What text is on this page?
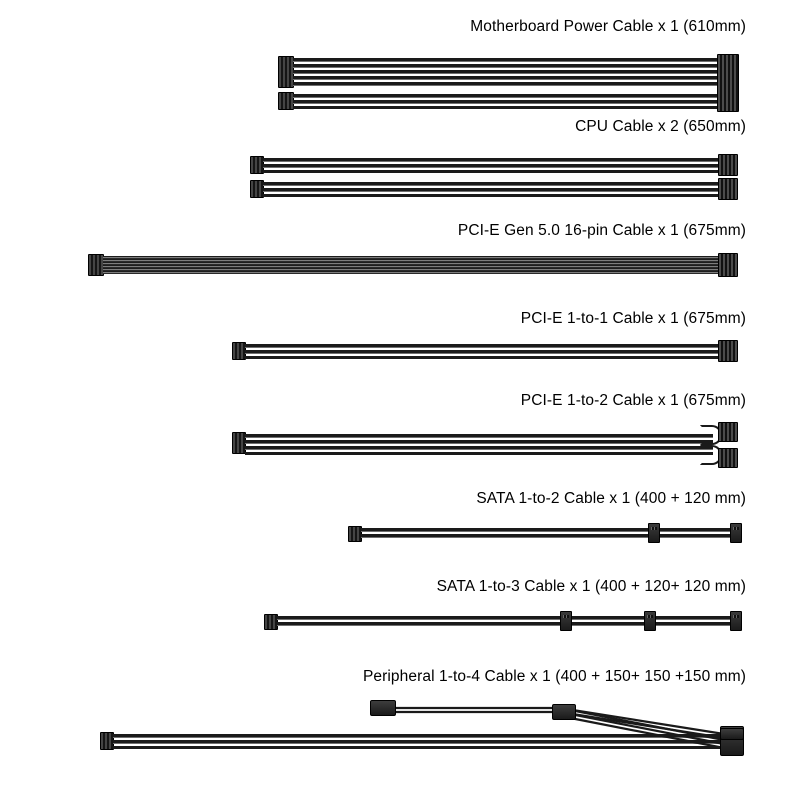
Motherboard Power Cable x 1 (610mm)
CPU Cable x 2 (650mm)
PCI-E Gen 5.0 16-pin Cable x 1 (675mm)
PCI-E 1-to-1 Cable x 1 (675mm)
PCI-E 1-to-2 Cable x 1 (675mm)
SATA 1-to-2 Cable x 1 (400 + 120 mm)
SATA 1-to-3 Cable x 1 (400 + 120+ 120 mm)
Peripheral 1-to-4 Cable x 1 (400 + 150+ 150 +150 mm)
